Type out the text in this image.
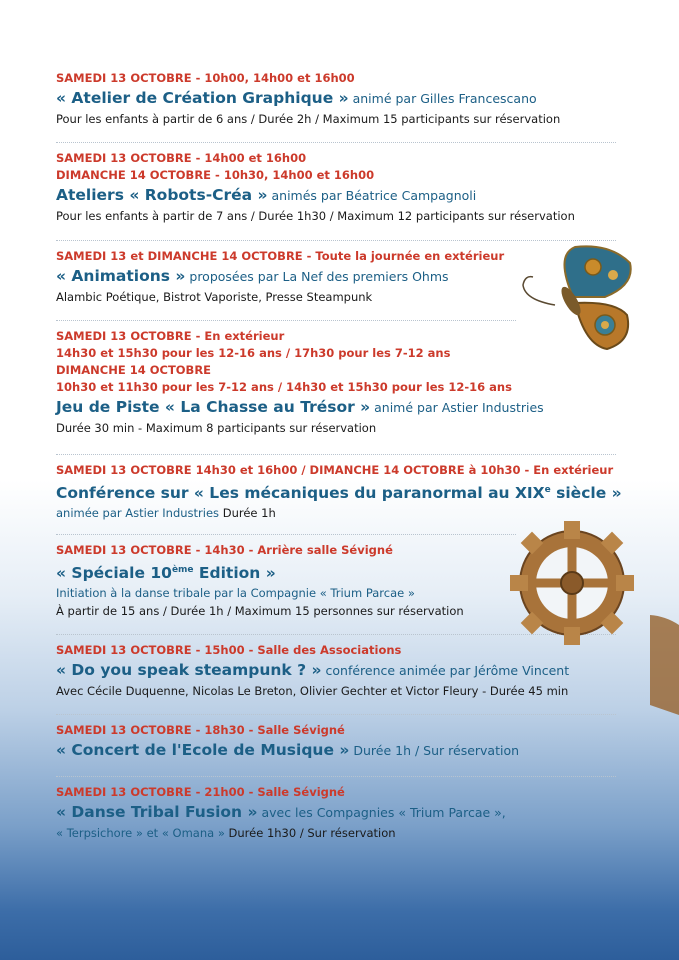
SAMEDI 13 OCTOBRE - 10h00, 14h00 et 16h00
« Atelier de Création Graphique » animé par Gilles Francescano
Pour les enfants à partir de 6 ans / Durée 2h / Maximum 15 participants sur réservation
SAMEDI 13 OCTOBRE - 14h00 et 16h00
DIMANCHE 14 OCTOBRE - 10h30, 14h00 et 16h00
Ateliers « Robots-Créa » animés par Béatrice Campagnoli
Pour les enfants à partir de 7 ans / Durée 1h30 / Maximum 12 participants sur réservation
SAMEDI 13 et DIMANCHE 14 OCTOBRE - Toute la journée en extérieur
« Animations » proposées par La Nef des premiers Ohms
Alambic Poétique, Bistrot Vaporiste, Presse Steampunk
SAMEDI 13 OCTOBRE - En extérieur
14h30 et 15h30 pour les 12-16 ans / 17h30 pour les 7-12 ans
DIMANCHE 14 OCTOBRE
10h30 et 11h30 pour les 7-12 ans / 14h30 et 15h30 pour les 12-16 ans
Jeu de Piste « La Chasse au Trésor » animé par Astier Industries
Durée 30 min - Maximum 8 participants sur réservation
SAMEDI 13 OCTOBRE 14h30 et 16h00 / DIMANCHE 14 OCTOBRE à 10h30 - En extérieur
Conférence sur « Les mécaniques du paranormal au XIXe siècle »
animée par Astier Industries Durée 1h
SAMEDI 13 OCTOBRE - 14h30 - Arrière salle Sévigné
« Spéciale 10ème Edition »
Initiation à la danse tribale par la Compagnie « Trium Parcae »
À partir de 15 ans / Durée 1h / Maximum 15 personnes sur réservation
SAMEDI 13 OCTOBRE - 15h00 - Salle des Associations
« Do you speak steampunk ? » conférence animée par Jérôme Vincent
Avec Cécile Duquenne, Nicolas Le Breton, Olivier Gechter et Victor Fleury - Durée 45 min
SAMEDI 13 OCTOBRE - 18h30 - Salle Sévigné
« Concert de l'Ecole de Musique » Durée 1h / Sur réservation
SAMEDI 13 OCTOBRE - 21h00 - Salle Sévigné
« Danse Tribal Fusion » avec les Compagnies « Trium Parcae »,
« Terpsichore » et « Omana » Durée 1h30 / Sur réservation
